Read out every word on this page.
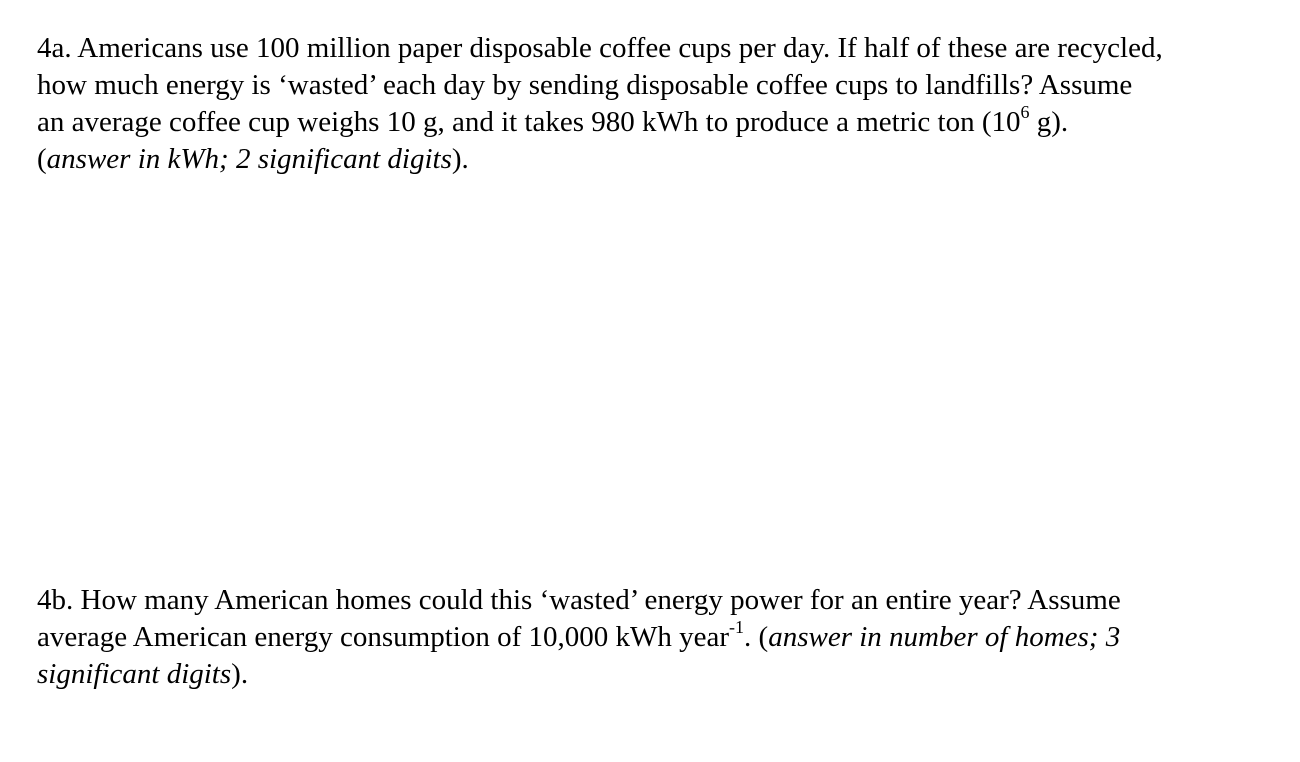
4a. Americans use 100 million paper disposable coffee cups per day. If half of these are recycled,
how much energy is ‘wasted’ each day by sending disposable coffee cups to landfills? Assume
an average coffee cup weighs 10 g, and it takes 980 kWh to produce a metric ton ($10^6$ g).
(answer in kWh; 2 significant digits).
4b. How many American homes could this ‘wasted’ energy power for an entire year? Assume
average American energy consumption of 10,000 kWh year$^{-1}$. (answer in number of homes; 3
significant digits).
